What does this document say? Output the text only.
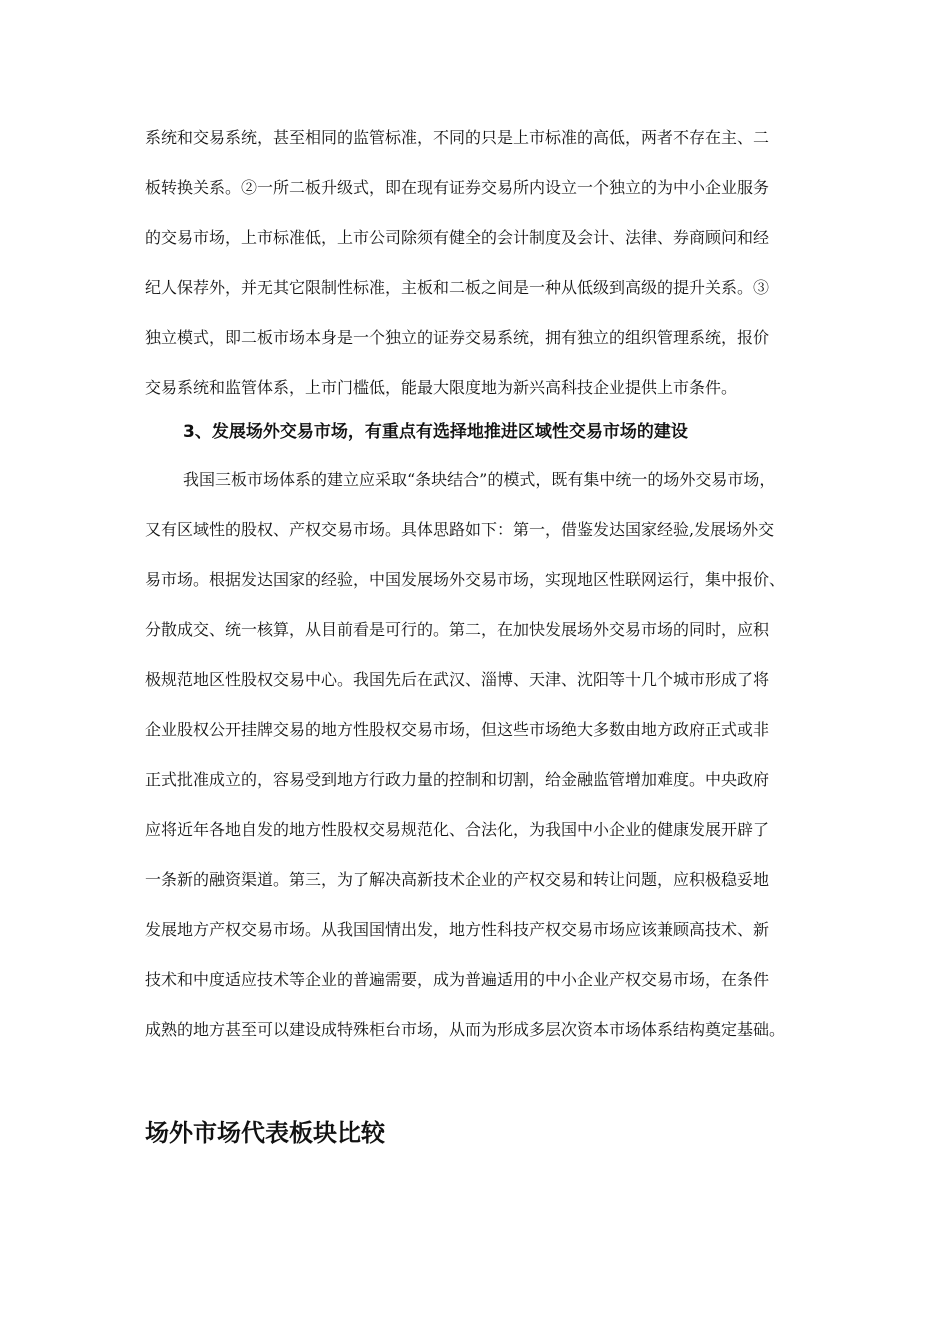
系统和交易系统，甚至相同的监管标准，不同的只是上市标准的高低，两者不存在主、二
板转换关系。②一所二板升级式，即在现有证券交易所内设立一个独立的为中小企业服务
的交易市场，上市标准低，上市公司除须有健全的会计制度及会计、法律、券商顾问和经
纪人保荐外，并无其它限制性标准，主板和二板之间是一种从低级到高级的提升关系。③
独立模式，即二板市场本身是一个独立的证券交易系统，拥有独立的组织管理系统，报价
交易系统和监管体系，上市门槛低，能最大限度地为新兴高科技企业提供上市条件。
3、发展场外交易市场，有重点有选择地推进区域性交易市场的建设
我国三板市场体系的建立应采取“条块结合”的模式，既有集中统一的场外交易市场，
又有区域性的股权、产权交易市场。具体思路如下：第一，借鉴发达国家经验,发展场外交
易市场。根据发达国家的经验，中国发展场外交易市场，实现地区性联网运行，集中报价、
分散成交、统一核算，从目前看是可行的。第二，在加快发展场外交易市场的同时，应积
极规范地区性股权交易中心。我国先后在武汉、淄博、天津、沈阳等十几个城市形成了将
企业股权公开挂牌交易的地方性股权交易市场，但这些市场绝大多数由地方政府正式或非
正式批准成立的，容易受到地方行政力量的控制和切割，给金融监管增加难度。中央政府
应将近年各地自发的地方性股权交易规范化、合法化，为我国中小企业的健康发展开辟了
一条新的融资渠道。第三，为了解决高新技术企业的产权交易和转让问题，应积极稳妥地
发展地方产权交易市场。从我国国情出发，地方性科技产权交易市场应该兼顾高技术、新
技术和中度适应技术等企业的普遍需要，成为普遍适用的中小企业产权交易市场，在条件
成熟的地方甚至可以建设成特殊柜台市场，从而为形成多层次资本市场体系结构奠定基础。
场外市场代表板块比较
